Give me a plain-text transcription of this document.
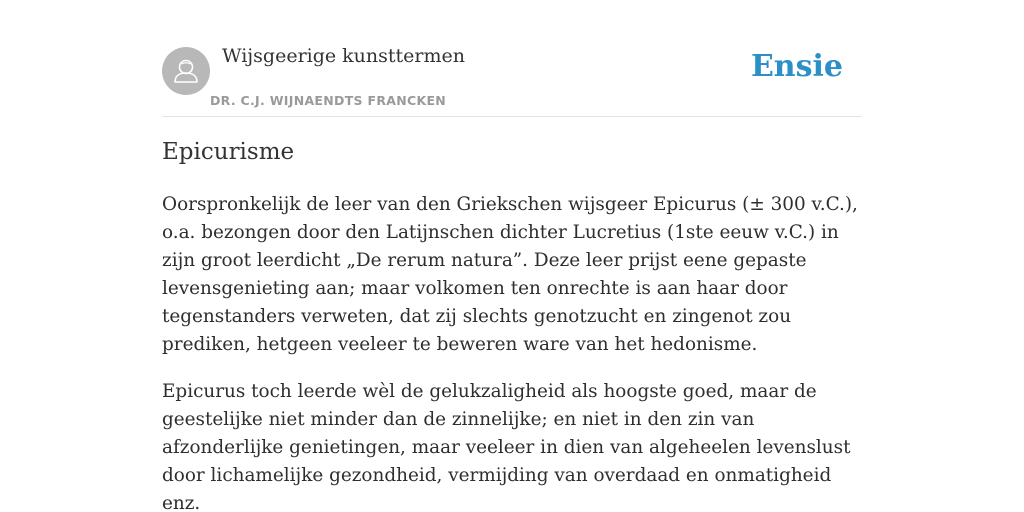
Wijsgeerige kunsttermen
DR. C.J. WIJNAENDTS FRANCKEN
Ensie
Epicurisme

Oorspronkelijk de leer van den Griekschen wijsgeer Epicurus (± 300 v.C.), o.a. bezongen door den Latijnschen dichter Lucretius (1ste eeuw v.C.) in zijn groot leerdicht „De rerum natura”. Deze leer prijst eene gepaste levensgenieting aan; maar volkomen ten onrechte is aan haar door tegenstanders verweten, dat zij slechts genotzucht en zingenot zou prediken, hetgeen veeleer te beweren ware van het hedonisme.

Epicurus toch leerde wèl de gelukzaligheid als hoogste goed, maar de geestelijke niet minder dan de zinnelijke; en niet in den zin van afzonderlijke genietingen, maar veeleer in dien van algeheelen levenslust door lichamelijke gezondheid, vermijding van overdaad en onmatigheid enz.
